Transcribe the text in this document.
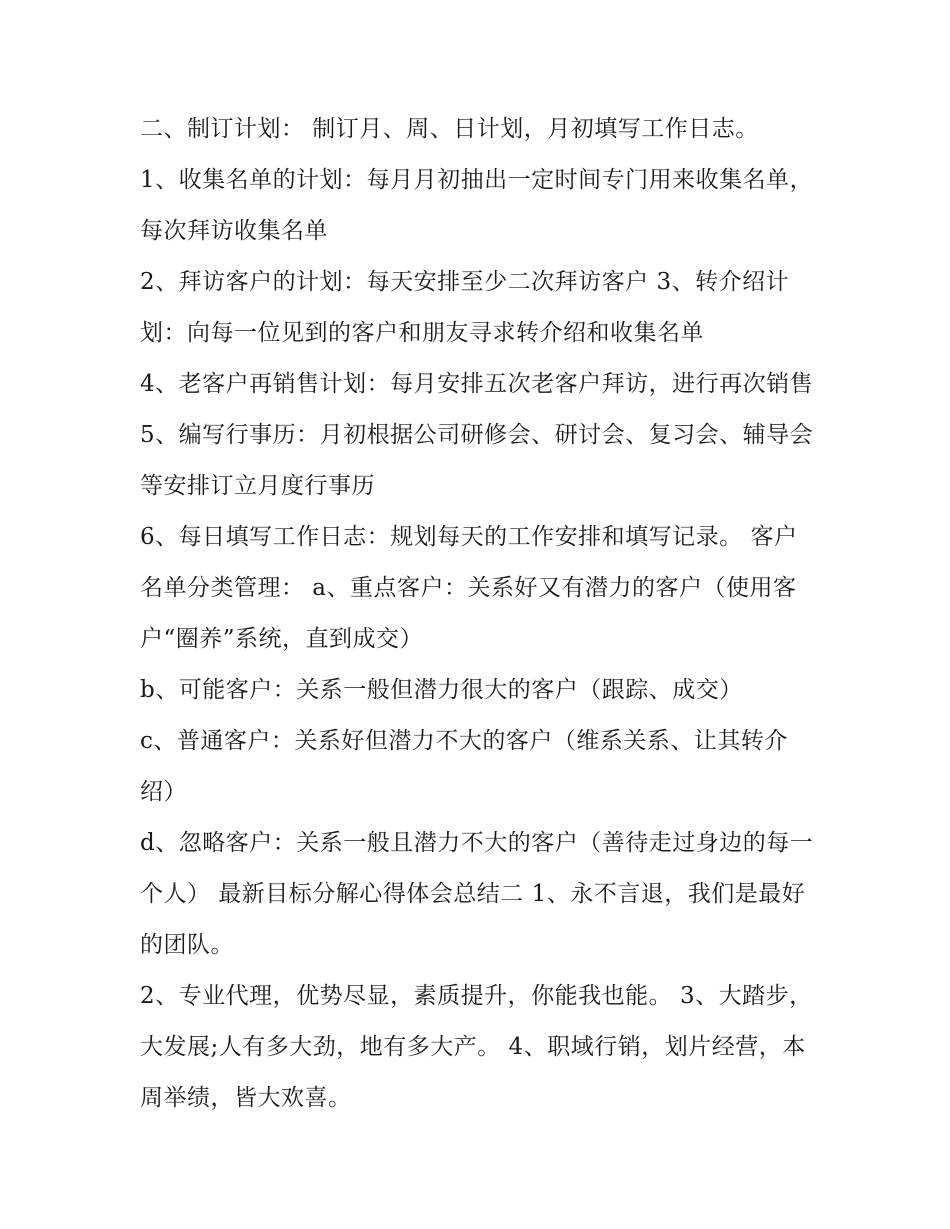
二、制订计划： 制订月、周、日计划，月初填写工作日志。

1、收集名单的计划：每月月初抽出一定时间专门用来收集名单，每次拜访收集名单

2、拜访客户的计划：每天安排至少二次拜访客户 3、转介绍计划：向每一位见到的客户和朋友寻求转介绍和收集名单

4、老客户再销售计划：每月安排五次老客户拜访，进行再次销售 5、编写行事历：月初根据公司研修会、研讨会、复习会、辅导会等安排订立月度行事历

6、每日填写工作日志：规划每天的工作安排和填写记录。 客户名单分类管理： a、重点客户：关系好又有潜力的客户（使用客户“圈养”系统，直到成交）

b、可能客户：关系一般但潜力很大的客户（跟踪、成交）

c、普通客户：关系好但潜力不大的客户（维系关系、让其转介绍）

d、忽略客户：关系一般且潜力不大的客户（善待走过身边的每一个人） 最新目标分解心得体会总结二 1、永不言退，我们是最好的团队。

2、专业代理，优势尽显，素质提升，你能我也能。 3、大踏步，大发展;人有多大劲，地有多大产。 4、职域行销，划片经营，本周举绩，皆大欢喜。
